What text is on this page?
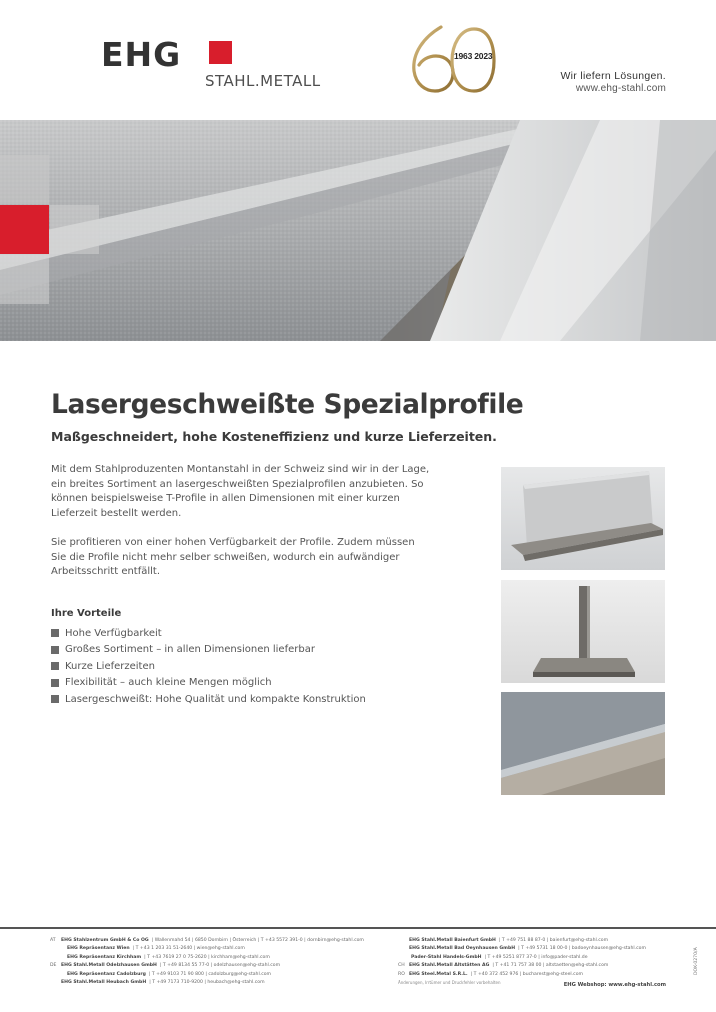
EHG
STAHL.METALL
1963 2023
Wir liefern Lösungen.
www.ehg-stahl.com
Lasergeschweißte Spezialprofile
Maßgeschneidert, hohe Kosteneffizienz und kurze Lieferzeiten.

Mit dem Stahlproduzenten Montanstahl in der Schweiz sind wir in der Lage, ein breites Sortiment an lasergeschweißten Spezialprofilen anzubieten. So können beispielsweise T-Profile in allen Dimensionen mit einer kurzen Lieferzeit bestellt werden.

Sie profitieren von einer hohen Verfügbarkeit der Profile. Zudem müssen Sie die Profile nicht mehr selber schweißen, wodurch ein aufwändiger Arbeitsschritt entfällt.

Ihre Vorteile
Hohe Verfügbarkeit
Großes Sortiment – in allen Dimensionen lieferbar
Kurze Lieferzeiten
Flexibilität – auch kleine Mengen möglich
Lasergeschweißt: Hohe Qualität und kompakte Konstruktion
AT	EHG Stahlzentrum GmbH & Co OG | Wallenmahd 54 | 6850 Dornbirn | Österreich | T +43 5572 391-0 | dornbirn@ehg-stahl.com
EHG Repräsentanz Wien | T +43 1 203 31 51-2640 | wien@ehg-stahl.com
EHG Repräsentanz Kirchham | T +43 7619 27 0 75-2620 | kirchham@ehg-stahl.com
DE EHG Stahl.Metall Odelzhausen GmbH | T +49 8134 55 77-0 | odelzhausen@ehg-stahl.com
EHG Repräsentanz Cadolzburg | T +49 9103 71 90 800 | cadolzburg@ehg-stahl.com
EHG Stahl.Metall Heubach GmbH | T +49 7173 710-9200 | heubach@ehg-stahl.com
EHG Stahl.Metall Baienfurt GmbH | T +49 751 88 87-0 | baienfurt@ehg-stahl.com
EHG Stahl.Metall Bad Oeynhausen GmbH | T +49 5731 18 00-0 | badoeynhausen@ehg-stahl.com
Pader-Stahl Handels-GmbH | T +49 5251 877 37-0 | info@pader-stahl.de
CH EHG Stahl.Metall Altstätten AG | T +41 71 757 38 00 | altstaetten@ehg-stahl.com
RO EHG Steel.Metal S.R.L. | T +40 372 452 976 | bucharest@ehg-steel.com
Änderungen, Irrtümer und Druckfehler vorbehalten	EHG Webshop: www.ehg-stahl.com
DOK-0270/A
